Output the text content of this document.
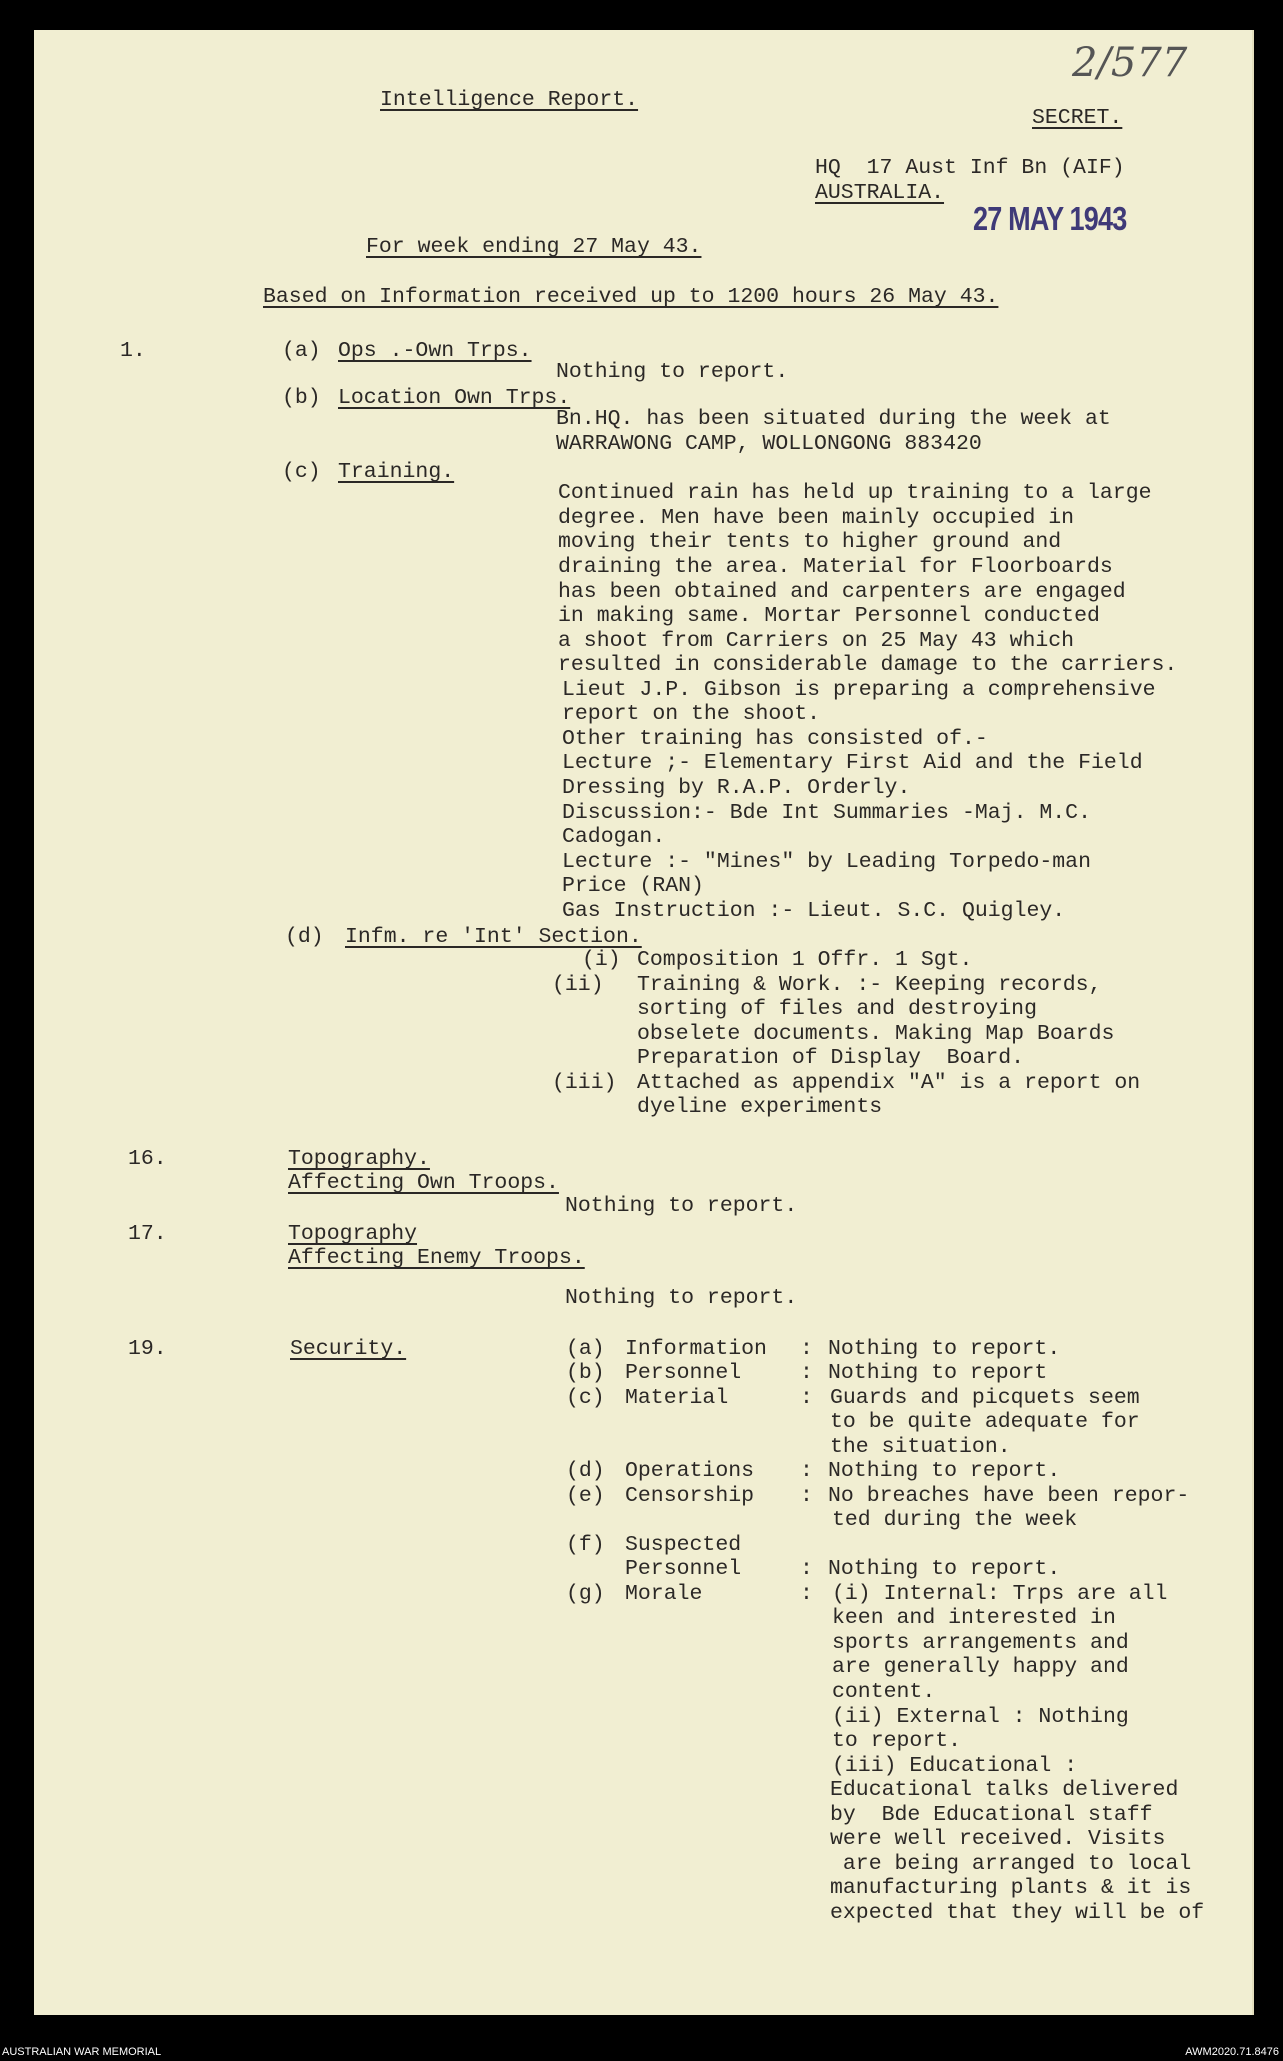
2/577
Intelligence Report.
SECRET.
HQ  17 Aust Inf Bn (AIF)
AUSTRALIA.
27 MAY 1943
For week ending 27 May 43.
Based on Information received up to 1200 hours 26 May 43.
1.	(a) Ops .-Own Trps.
Nothing to report.
(b) Location Own Trps.
Bn.HQ. has been situated during the week at
WARRAWONG CAMP, WOLLONGONG 883420
(c) Training.
Continued rain has held up training to a large
degree. Men have been mainly occupied in
moving their tents to higher ground and
draining the area. Material for Floorboards
has been obtained and carpenters are engaged
in making same. Mortar Personnel conducted
a shoot from Carriers on 25 May 43 which
resulted in considerable damage to the carriers.
Lieut J.P. Gibson is preparing a comprehensive
report on the shoot.
Other training has consisted of.-
Lecture ;- Elementary First Aid and the Field
Dressing by R.A.P. Orderly.
Discussion:- Bde Int Summaries -Maj. M.C.
Cadogan.
Lecture :- "Mines" by Leading Torpedo-man
Price (RAN)
Gas Instruction :- Lieut. S.C. Quigley.
(d) Infm. re 'Int' Section.
(i) Composition 1 Offr. 1 Sgt.
(ii) Training & Work. :- Keeping records,
sorting of files and destroying
obselete documents. Making Map Boards
Preparation of Display  Board.
(iii) Attached as appendix "A" is a report on
dyeline experiments
16.	Topography.
Affecting Own Troops.
Nothing to report.
17.	Topography
Affecting Enemy Troops.
Nothing to report.
19.	Security.	(a) Information : Nothing to report.
(b) Personnel	: Nothing to report
(c) Material	: Guards and picquets seem
to be quite adequate for
the situation.
(d) Operations : Nothing to report.
(e) Censorship : No breaches have been repor-
ted during the week
(f) Suspected
Personnel	: Nothing to report.
(g) Morale	: (i) Internal: Trps are all
keen and interested in
sports arrangements and
are generally happy and
content.
(ii) External : Nothing
to report.
(iii) Educational :
Educational talks delivered
by  Bde Educational staff
were well received. Visits
are being arranged to local
manufacturing plants & it is
expected that they will be of
AUSTRALIAN WAR MEMORIAL	AWM2020.71.8476
